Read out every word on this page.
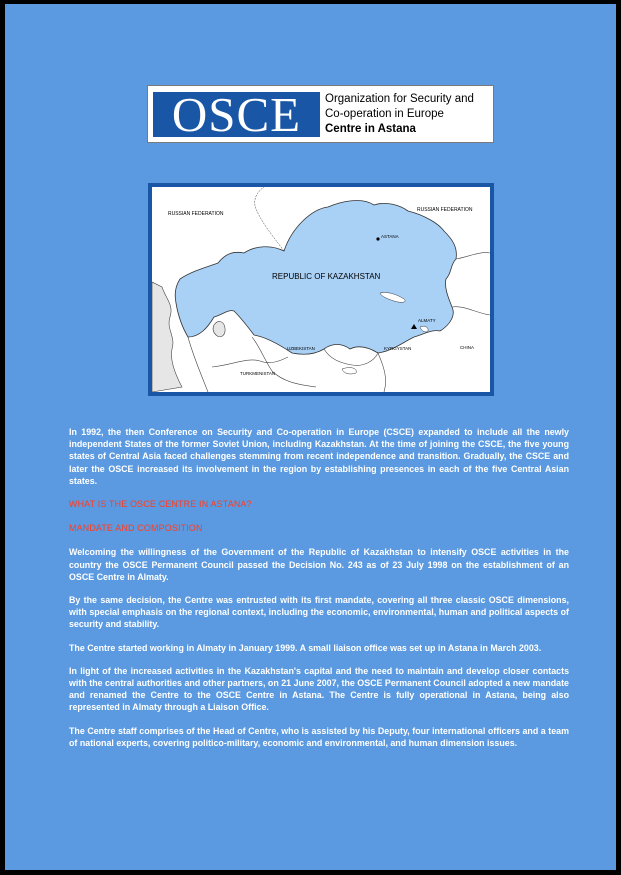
OSCE	Organization for Security and
Co-operation in Europe
Centre in Astana
RUSSIAN FEDERATION
RUSSIAN FEDERATION
ASTANA
REPUBLIC OF KAZAKHSTAN
ALMATY
UZBEKISTAN	KYRGYSTAN	CHINA
TURKMENISTAN

In 1992, the then Conference on Security and Co-operation in Europe (CSCE) expanded to include all the newly independent States of the former Soviet Union, including Kazakhstan. At the time of joining the CSCE, the five young states of Central Asia faced challenges stemming from recent independence and transition. Gradually, the CSCE and later the OSCE increased its involvement in the region by establishing presences in each of the five Central Asian states.

WHAT IS THE OSCE CENTRE IN ASTANA?
MANDATE AND COMPOSITION

Welcoming the willingness of the Government of the Republic of Kazakhstan to intensify OSCE activities in the country the OSCE Permanent Council passed the Decision No. 243 as of 23 July 1998 on the establishment of an OSCE Centre in Almaty.

By the same decision, the Centre was entrusted with its first mandate, covering all three classic OSCE dimensions, with special emphasis on the regional context, including the economic, environmental, human and political aspects of security and stability.

The Centre started working in Almaty in January 1999. A small liaison office was set up in Astana in March 2003.

In light of the increased activities in the Kazakhstan's capital and the need to maintain and develop closer contacts with the central authorities and other partners, on 21 June 2007, the OSCE Permanent Council adopted a new mandate and renamed the Centre to the OSCE Centre in Astana. The Centre is fully operational in Astana, being also represented in Almaty through a Liaison Office.

The Centre staff comprises of the Head of Centre, who is assisted by his Deputy, four international officers and a team of national experts, covering politico-military, economic and environmental, and human dimension issues.
